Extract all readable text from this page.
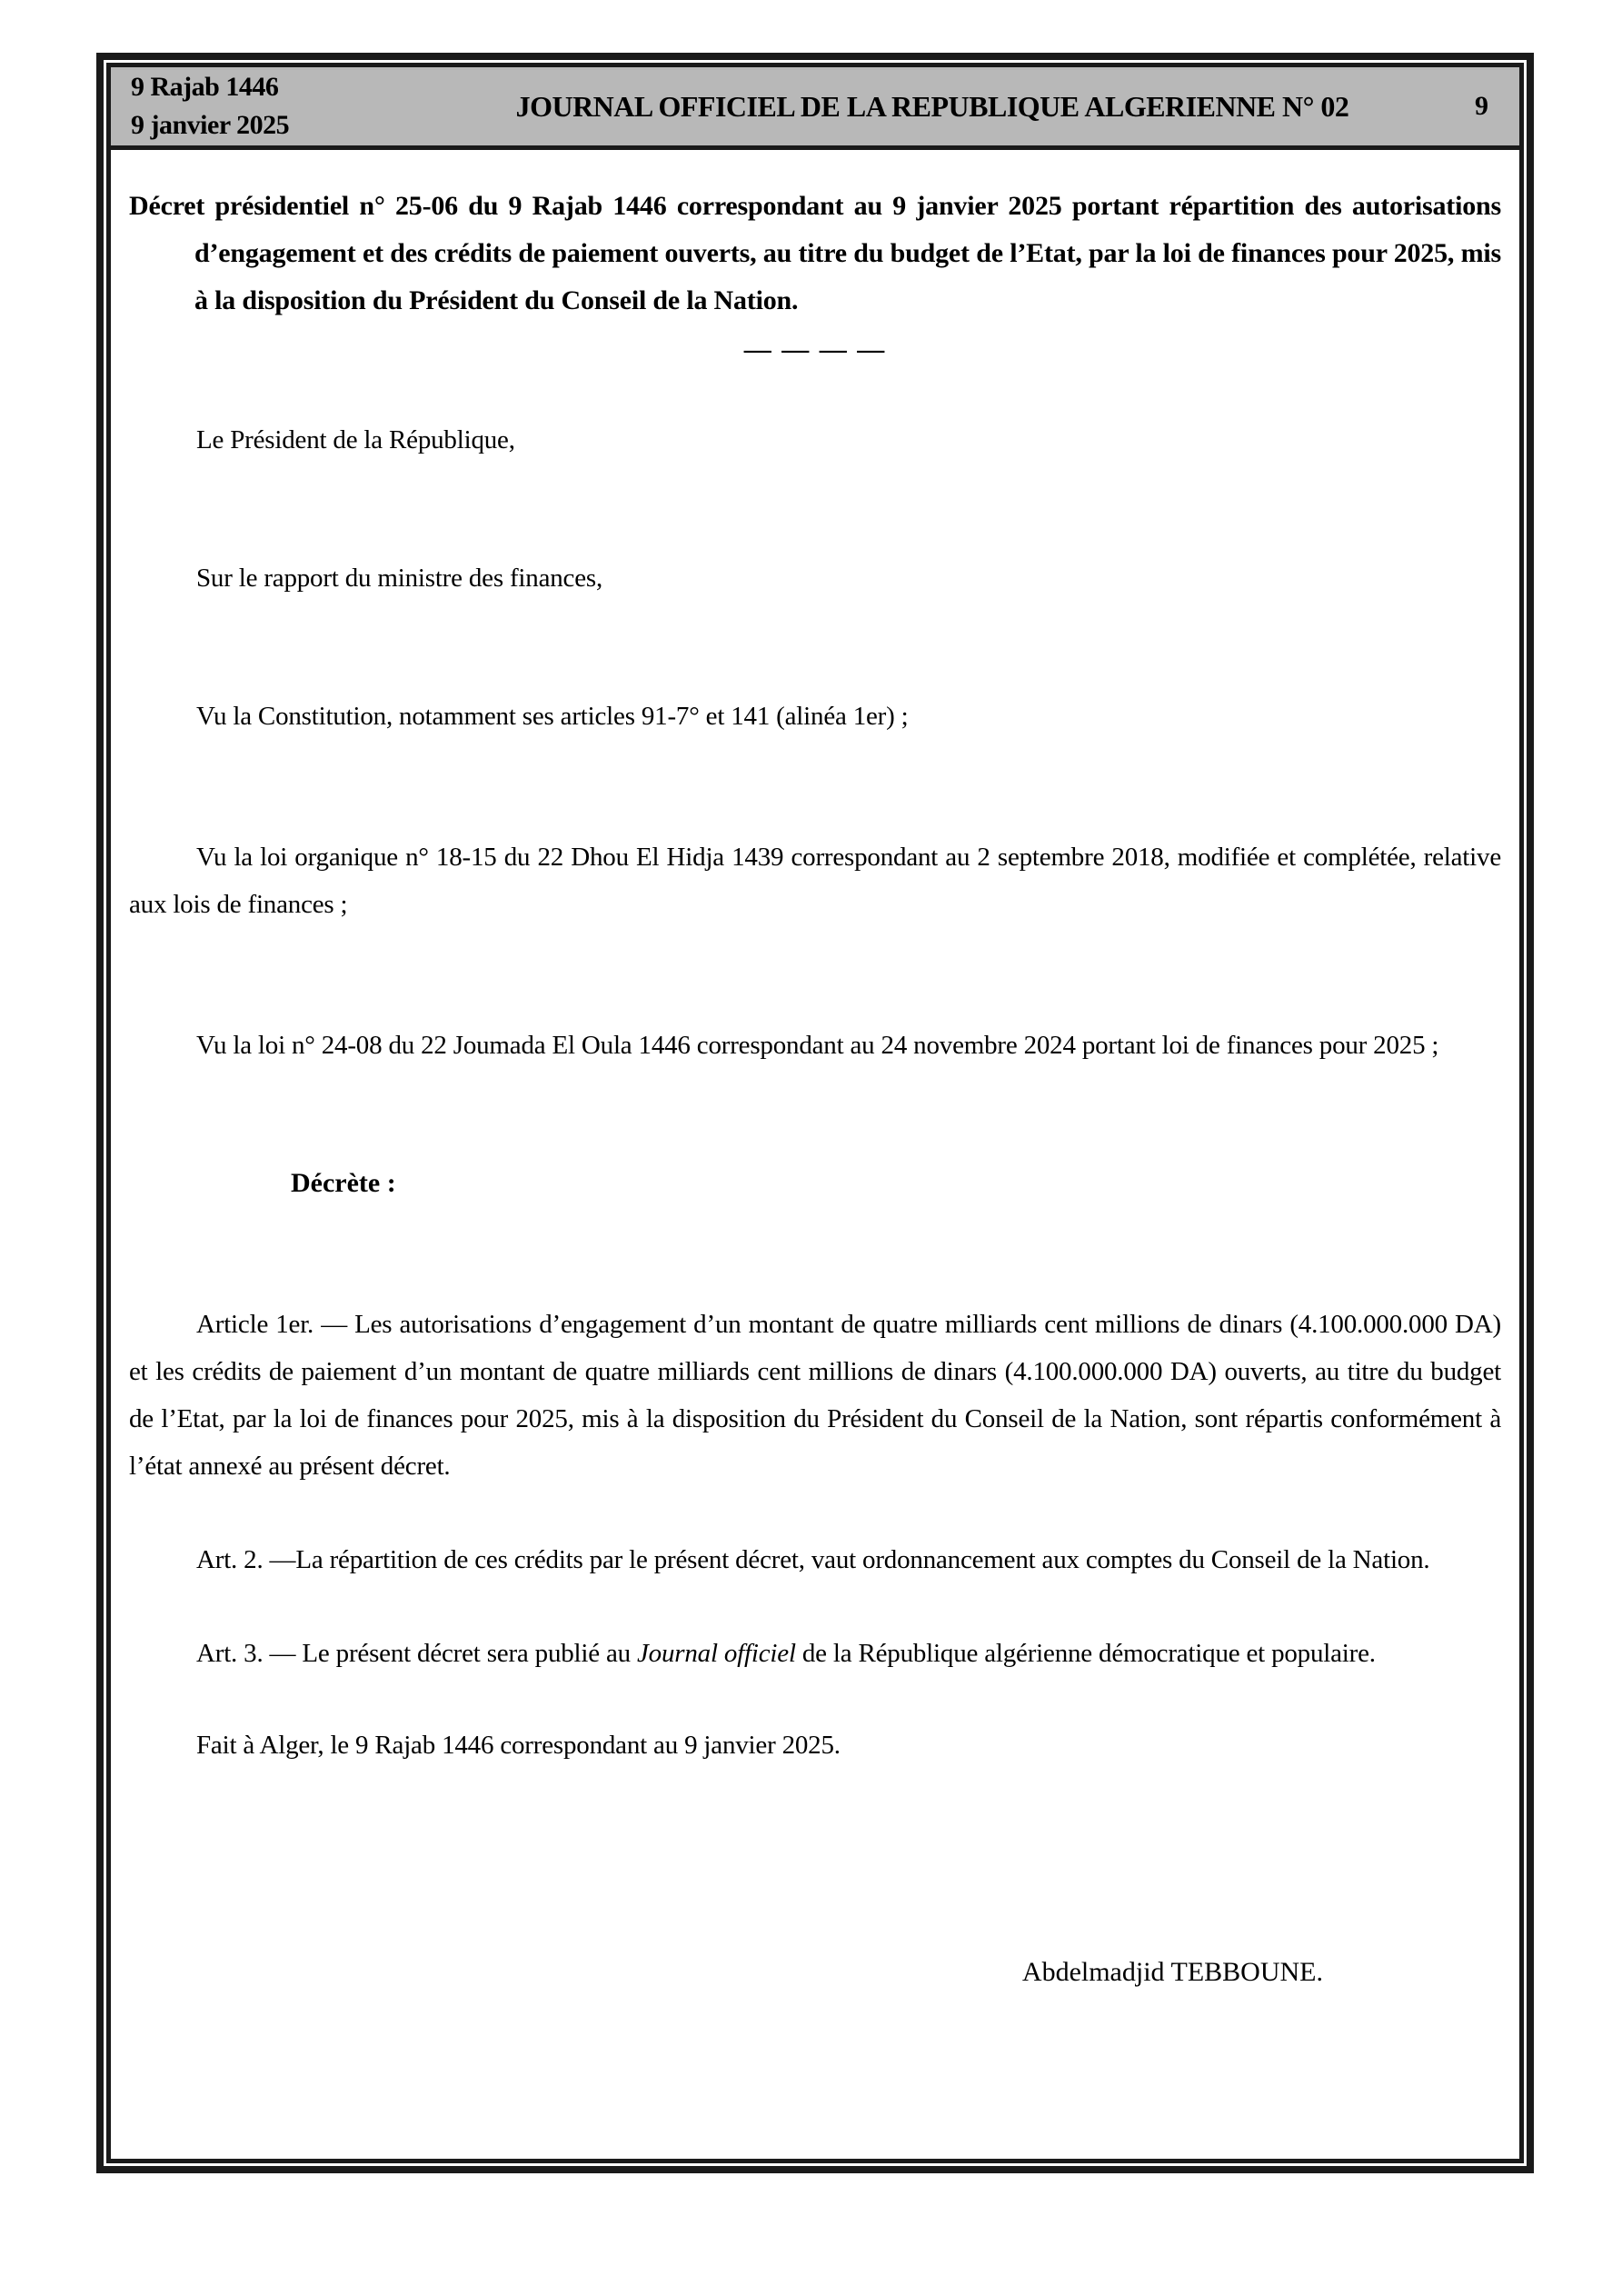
9 Rajab 1446
9 janvier 2025
JOURNAL OFFICIEL DE LA REPUBLIQUE ALGERIENNE N° 02	9

Décret présidentiel n° 25-06 du 9 Rajab 1446 correspondant au 9 janvier 2025 portant répartition des autorisations d’engagement et des crédits de paiement ouverts, au titre du budget de l’Etat, par la loi de finances pour 2025, mis à la disposition du Président du Conseil de la Nation.

— — — —

Le Président de la République,

Sur le rapport du ministre des finances,

Vu la Constitution, notamment ses articles 91-7° et 141 (alinéa 1er) ;

Vu la loi organique n° 18-15 du 22 Dhou El Hidja 1439 correspondant au 2 septembre 2018, modifiée et complétée, relative aux lois de finances ;

Vu la loi n° 24-08 du 22 Joumada El Oula 1446 correspondant au 24 novembre 2024 portant loi de finances pour 2025 ;

Décrète :

Article 1er. — Les autorisations d’engagement d’un montant de quatre milliards cent millions de dinars (4.100.000.000 DA) et les crédits de paiement d’un montant de quatre milliards cent millions de dinars (4.100.000.000 DA) ouverts, au titre du budget de l’Etat, par la loi de finances pour 2025, mis à la disposition du Président du Conseil de la Nation, sont répartis conformément à l’état annexé au présent décret.

Art. 2. —La répartition de ces crédits par le présent décret, vaut ordonnancement aux comptes du Conseil de la Nation.

Art. 3. — Le présent décret sera publié au Journal officiel de la République algérienne démocratique et populaire.

Fait à Alger, le 9 Rajab 1446 correspondant au 9 janvier 2025.

Abdelmadjid TEBBOUNE.
